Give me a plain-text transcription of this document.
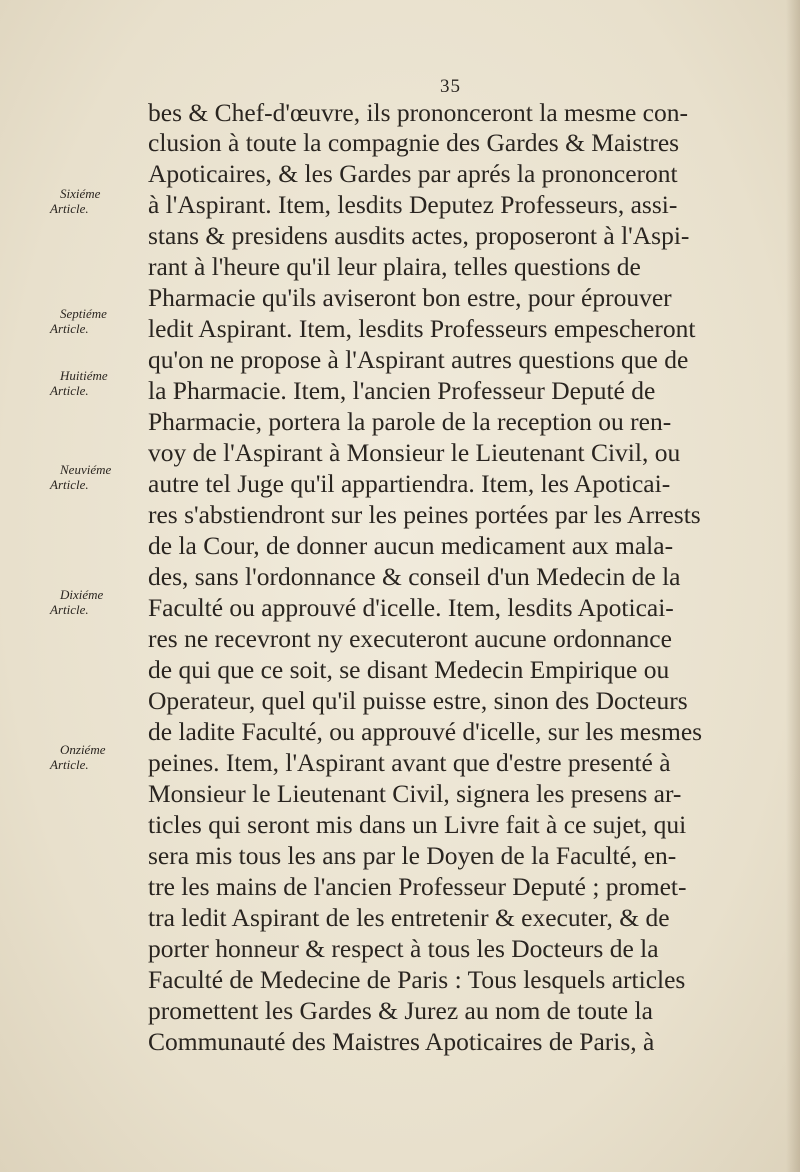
35
bes & Chef-d'œuvre, ils prononceront la mesme con-
clusion à toute la compagnie des Gardes & Maistres
Apoticaires, & les Gardes par aprés la prononceront
à l'Aspirant. Item, lesdits Deputez Professeurs, assi-
stans & presidens ausdits actes, proposeront à l'Aspi-
rant à l'heure qu'il leur plaira, telles questions de
Pharmacie qu'ils aviseront bon estre, pour éprouver
ledit Aspirant. Item, lesdits Professeurs empescheront
qu'on ne propose à l'Aspirant autres questions que de
la Pharmacie. Item, l'ancien Professeur Deputé de
Pharmacie, portera la parole de la reception ou ren-
voy de l'Aspirant à Monsieur le Lieutenant Civil, ou
autre tel Juge qu'il appartiendra. Item, les Apoticai-
res s'abstiendront sur les peines portées par les Arrests
de la Cour, de donner aucun medicament aux mala-
des, sans l'ordonnance & conseil d'un Medecin de la
Faculté ou approuvé d'icelle. Item, lesdits Apoticai-
res ne recevront ny executeront aucune ordonnance
de qui que ce soit, se disant Medecin Empirique ou
Operateur, quel qu'il puisse estre, sinon des Docteurs
de ladite Faculté, ou approuvé d'icelle, sur les mesmes
peines. Item, l'Aspirant avant que d'estre presenté à
Monsieur le Lieutenant Civil, signera les presens ar-
ticles qui seront mis dans un Livre fait à ce sujet, qui
sera mis tous les ans par le Doyen de la Faculté, en-
tre les mains de l'ancien Professeur Deputé ; promet-
tra ledit Aspirant de les entretenir & executer, & de
porter honneur & respect à tous les Docteurs de la
Faculté de Medecine de Paris : Tous lesquels articles
promettent les Gardes & Jurez au nom de toute la
Communauté des Maistres Apoticaires de Paris, à
Sixiéme
Article.
Septiéme
Article.
Huitiéme
Article.
Neuviéme
Article.
Dixiéme
Article.
Onziéme
Article.
